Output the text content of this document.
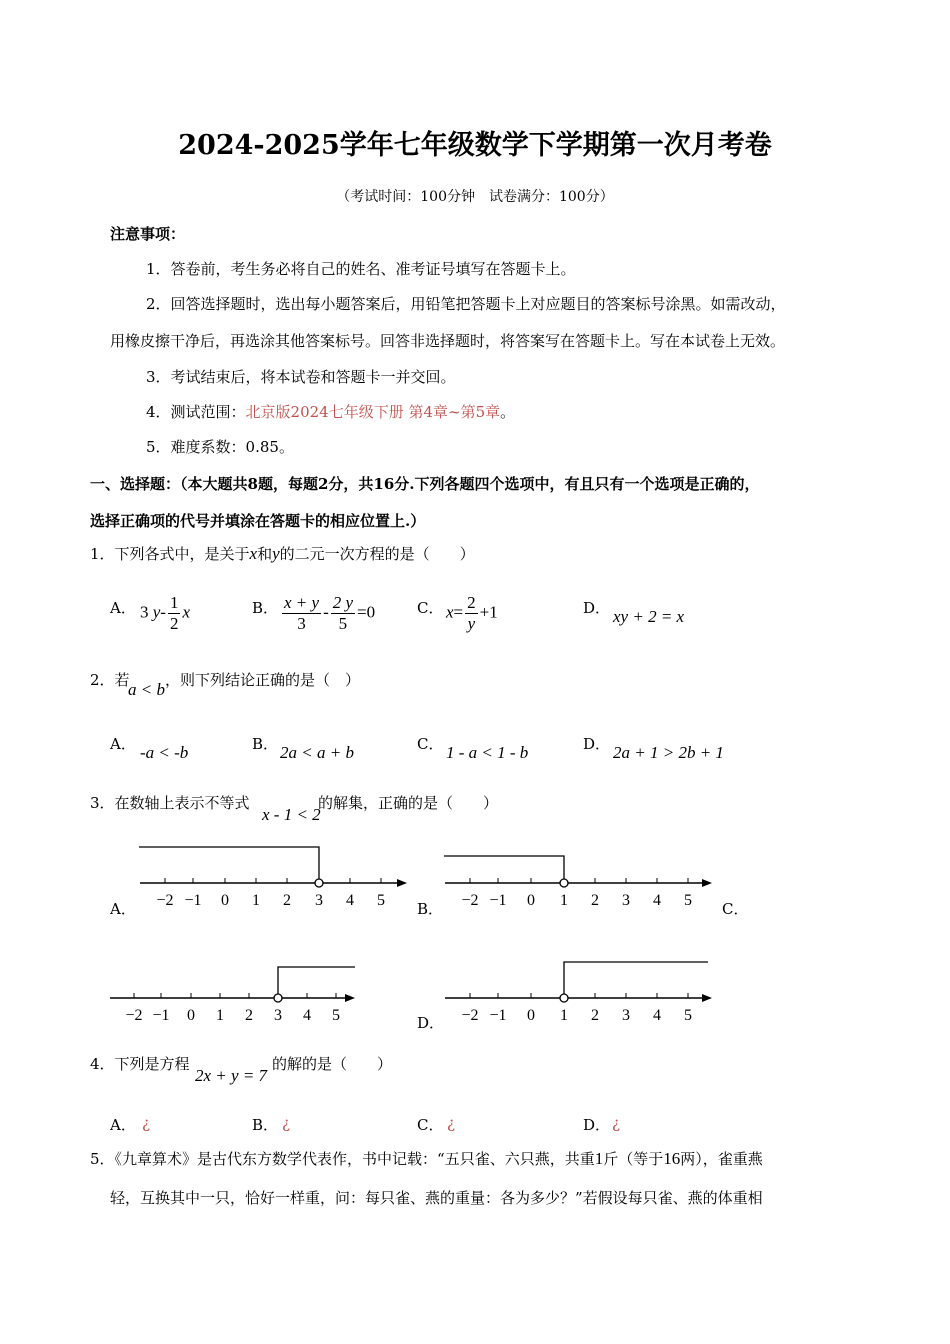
2024-2025学年七年级数学下学期第一次月考卷
（考试时间：100分钟　试卷满分：100分）
注意事项：
1．答卷前，考生务必将自己的姓名、准考证号填写在答题卡上。
2．回答选择题时，选出每小题答案后，用铅笔把答题卡上对应题目的答案标号涂黑。如需改动，
用橡皮擦干净后，再选涂其他答案标号。回答非选择题时，将答案写在答题卡上。写在本试卷上无效。
3．考试结束后，将本试卷和答题卡一并交回。
4．测试范围：北京版2024七年级下册 第4章~第5章。
5．难度系数：0.85。
一、选择题：（本大题共8题，每题2分，共16分.下列各题四个选项中，有且只有一个选项是正确的，
选择正确项的代号并填涂在答题卡的相应位置上.）
1．下列各式中，是关于x和y的二元一次方程的是（　　）
A． 3 $y- \frac{1}{2}$ x	B． $\frac{x + y}{3} - \frac{2 y}{5} =0$	C． $x= \frac{2}{y} +1$	D． xy + 2 = x
2．若
a < b ，则下列结论正确的是（　）
A． -a < -b	B． 2a < a + b	C． 1 - a < 1 - b	D． 2a + 1 > 2b + 1
3．在数轴上表示不等式
x - 1 < 2
的解集，正确的是（　　）
−2 −1 0 1 2 3 4 5
A．	−2 −1 0 1 2 3 4 5
B．	C．
−2 −1 0 1 2 3 4 5	−2 −1 0 1 2 3 4 5
D．
4．下列是方程
2x + y = 7
的解的是（　　）
A． ¿	B． ¿	C． ¿	D． ¿
5．《九章算术》是古代东方数学代表作，书中记载：“五只雀、六只燕，共重1斤（等于16两），雀重燕
轻，互换其中一只，恰好一样重，问：每只雀、燕的重量：各为多少？”若假设每只雀、燕的体重相
